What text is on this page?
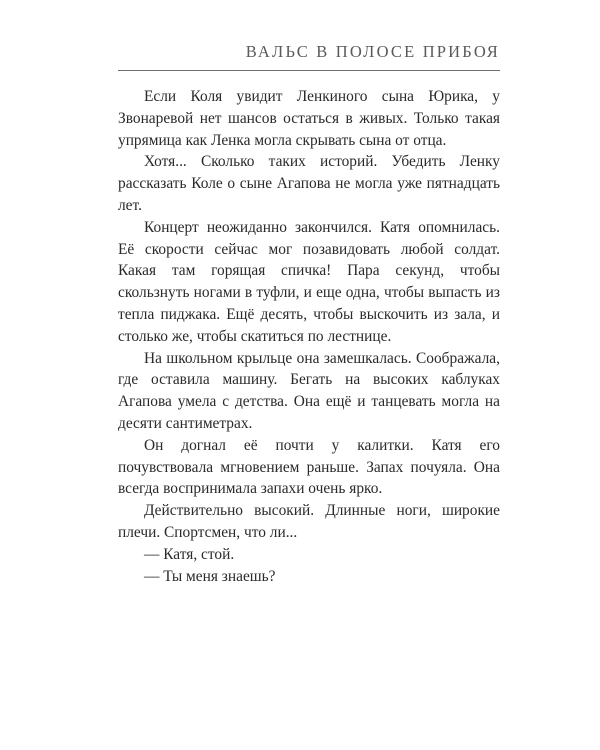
ВАЛЬС В ПОЛОСЕ ПРИБОЯ

Если Коля увидит Ленкиного сына Юрика, у Звонаревой нет шансов остаться в живых. Только такая упрямица как Ленка могла скрывать сына от отца.

Хотя... Сколько таких историй. Убедить Ленку рассказать Коле о сыне Агапова не могла уже пятнадцать лет.

Концерт неожиданно закончился. Катя опомнилась. Её скорости сейчас мог позавидовать любой солдат. Какая там горящая спичка! Пара секунд, чтобы скользнуть ногами в туфли, и еще одна, чтобы выпасть из тепла пиджака. Ещё десять, чтобы выскочить из зала, и столько же, чтобы скатиться по лестнице.

На школьном крыльце она замешкалась. Соображала, где оставила машину. Бегать на высоких каблуках Агапова умела с детства. Она ещё и танцевать могла на десяти сантиметрах.

Он догнал её почти у калитки. Катя его почувствовала мгновением раньше. Запах почуяла. Она всегда воспринимала запахи очень ярко.

Действительно высокий. Длинные ноги, широкие плечи. Спортсмен, что ли...

— Катя, стой.

— Ты меня знаешь?
